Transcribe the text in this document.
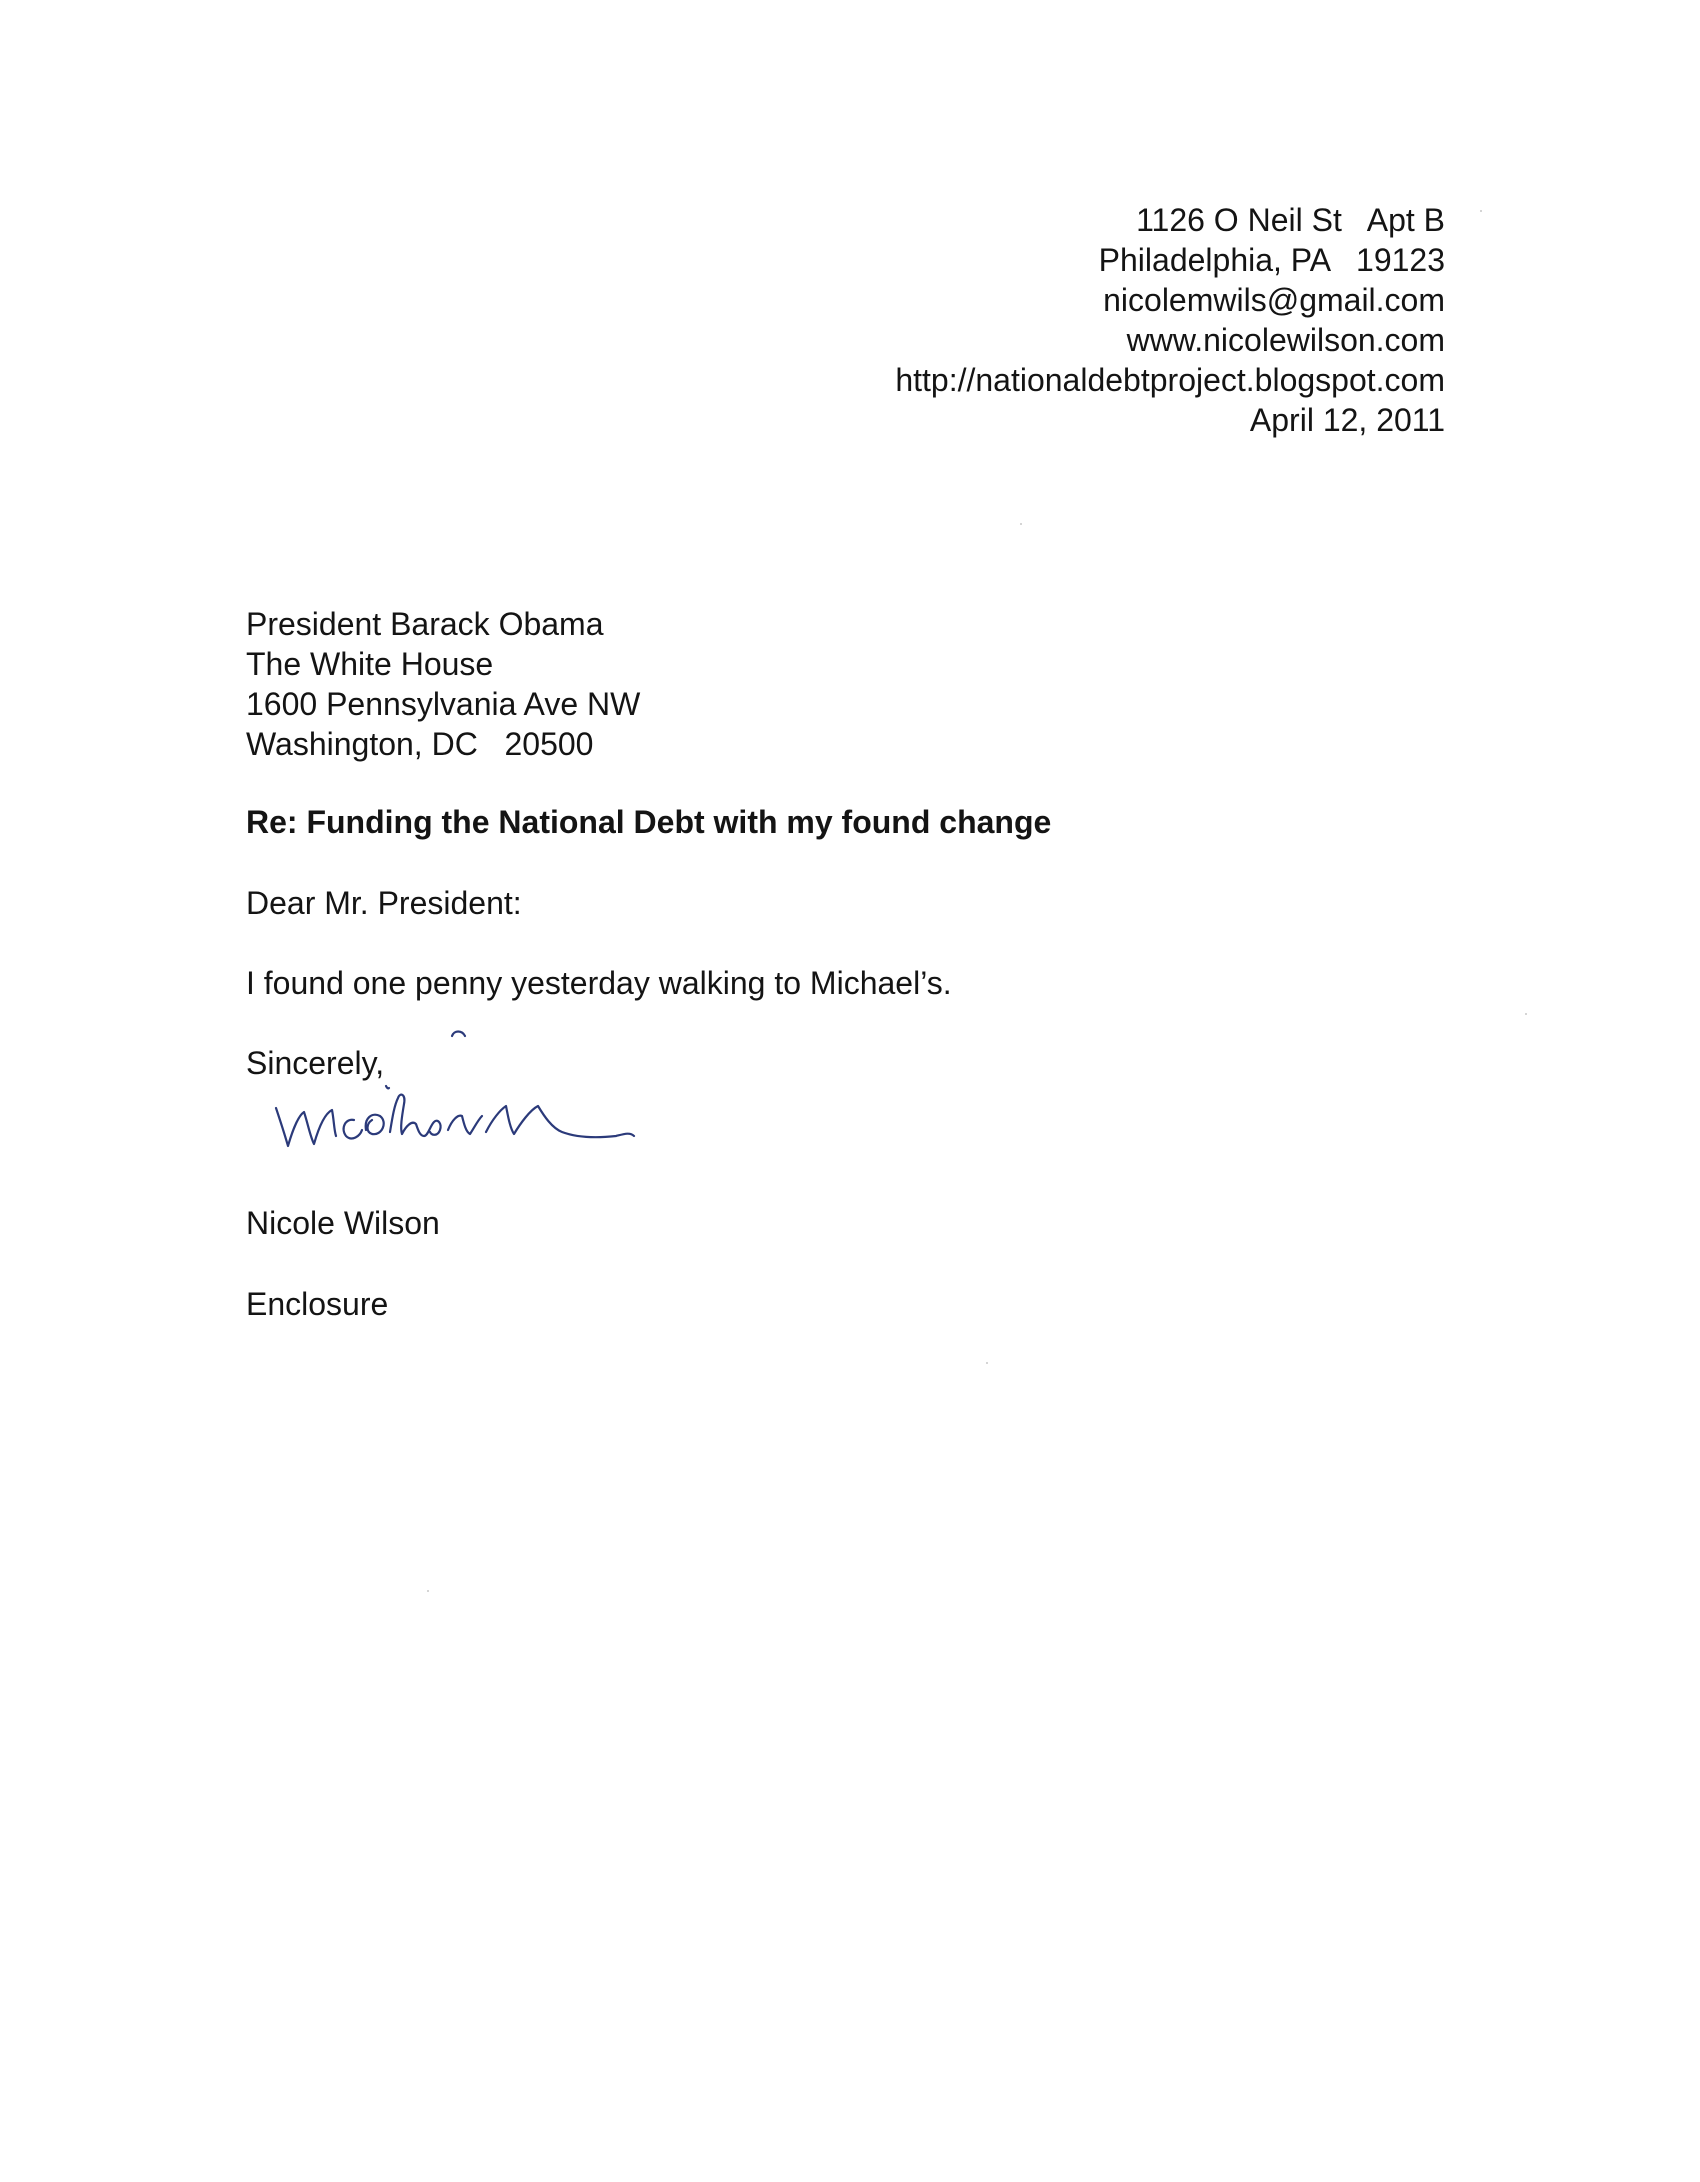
1126 O Neil St   Apt B
Philadelphia, PA   19123
nicolemwils@gmail.com
www.nicolewilson.com
http://nationaldebtproject.blogspot.com
April 12, 2011
President Barack Obama
The White House
1600 Pennsylvania Ave NW
Washington, DC   20500
Re: Funding the National Debt with my found change
Dear Mr. President:
I found one penny yesterday walking to Michael’s.
Sincerely,
Nicole Wilson
Enclosure
